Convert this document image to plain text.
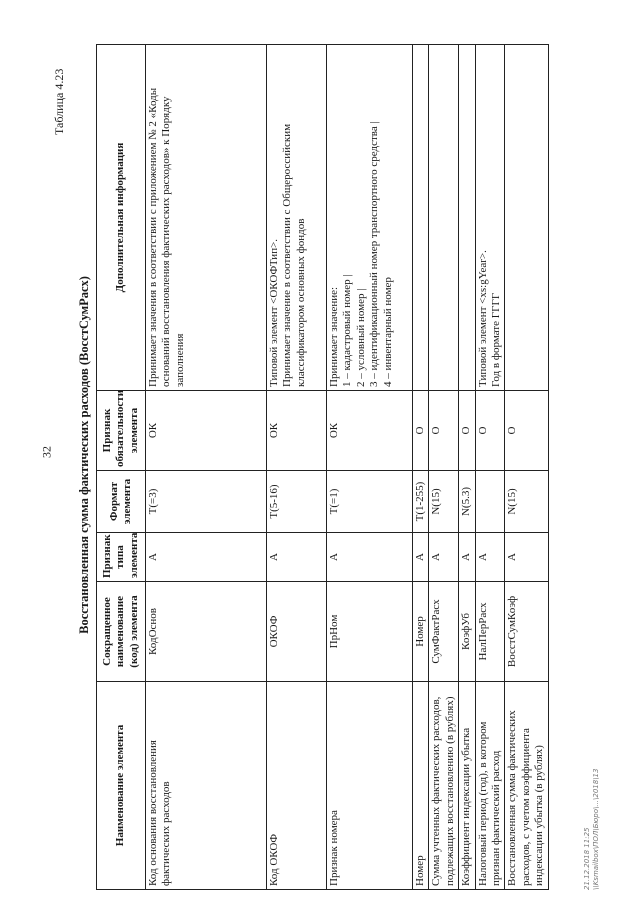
32
Таблица 4.23
Восстановленная сумма фактических расходов (ВосстСумРасх)
Наименование элемента	Сокращенное наименование (код) элемента	Признак типа элемента	Формат элемента	Признак обязательности элемента	Дополнительная информация
Код основания восстановления фактических расходов	КодОснов	А	T(=3)	ОК	Принимает значения в соответствии с приложением № 2 «Коды оснований восстановления фактических расходов» к Порядку заполнения
Код ОКОФ	ОКОФ	А	T(5-16)	ОК	Типовой элемент <ОКОФТип>.
Принимает значение в соответствии с Общероссийским классификатором основных фондов
Признак номера	ПрНом	А	T(=1)	ОК	Принимает значение:
1 – кадастровый номер |
2 – условный номер |
3 – идентификационный номер транспортного средства |
4 – инвентарный номер
Номер	Номер	А	T(1-255)	О	
Сумма учтенных фактических расходов, подлежащих восстановлению (в рублях)	СумФактРасх	А	N(15)	О	
Коэффициент индексации убытка	КоэфУб	А	N(5.3)	О	
Налоговый период (год), в котором признан фактический расход	НалПерРасх	А		О	Типовой элемент <xs:gYear>.
Год в формате ГГГГ
Восстановленная сумма фактических расходов, с учетом коэффициента индексации убытка (в рублях)	ВосстСумКоэф	А	N(15)	О	
21.12.2018 11:25 \\Ksmailbox\ПОЛ\Бюро\...\2018\13
